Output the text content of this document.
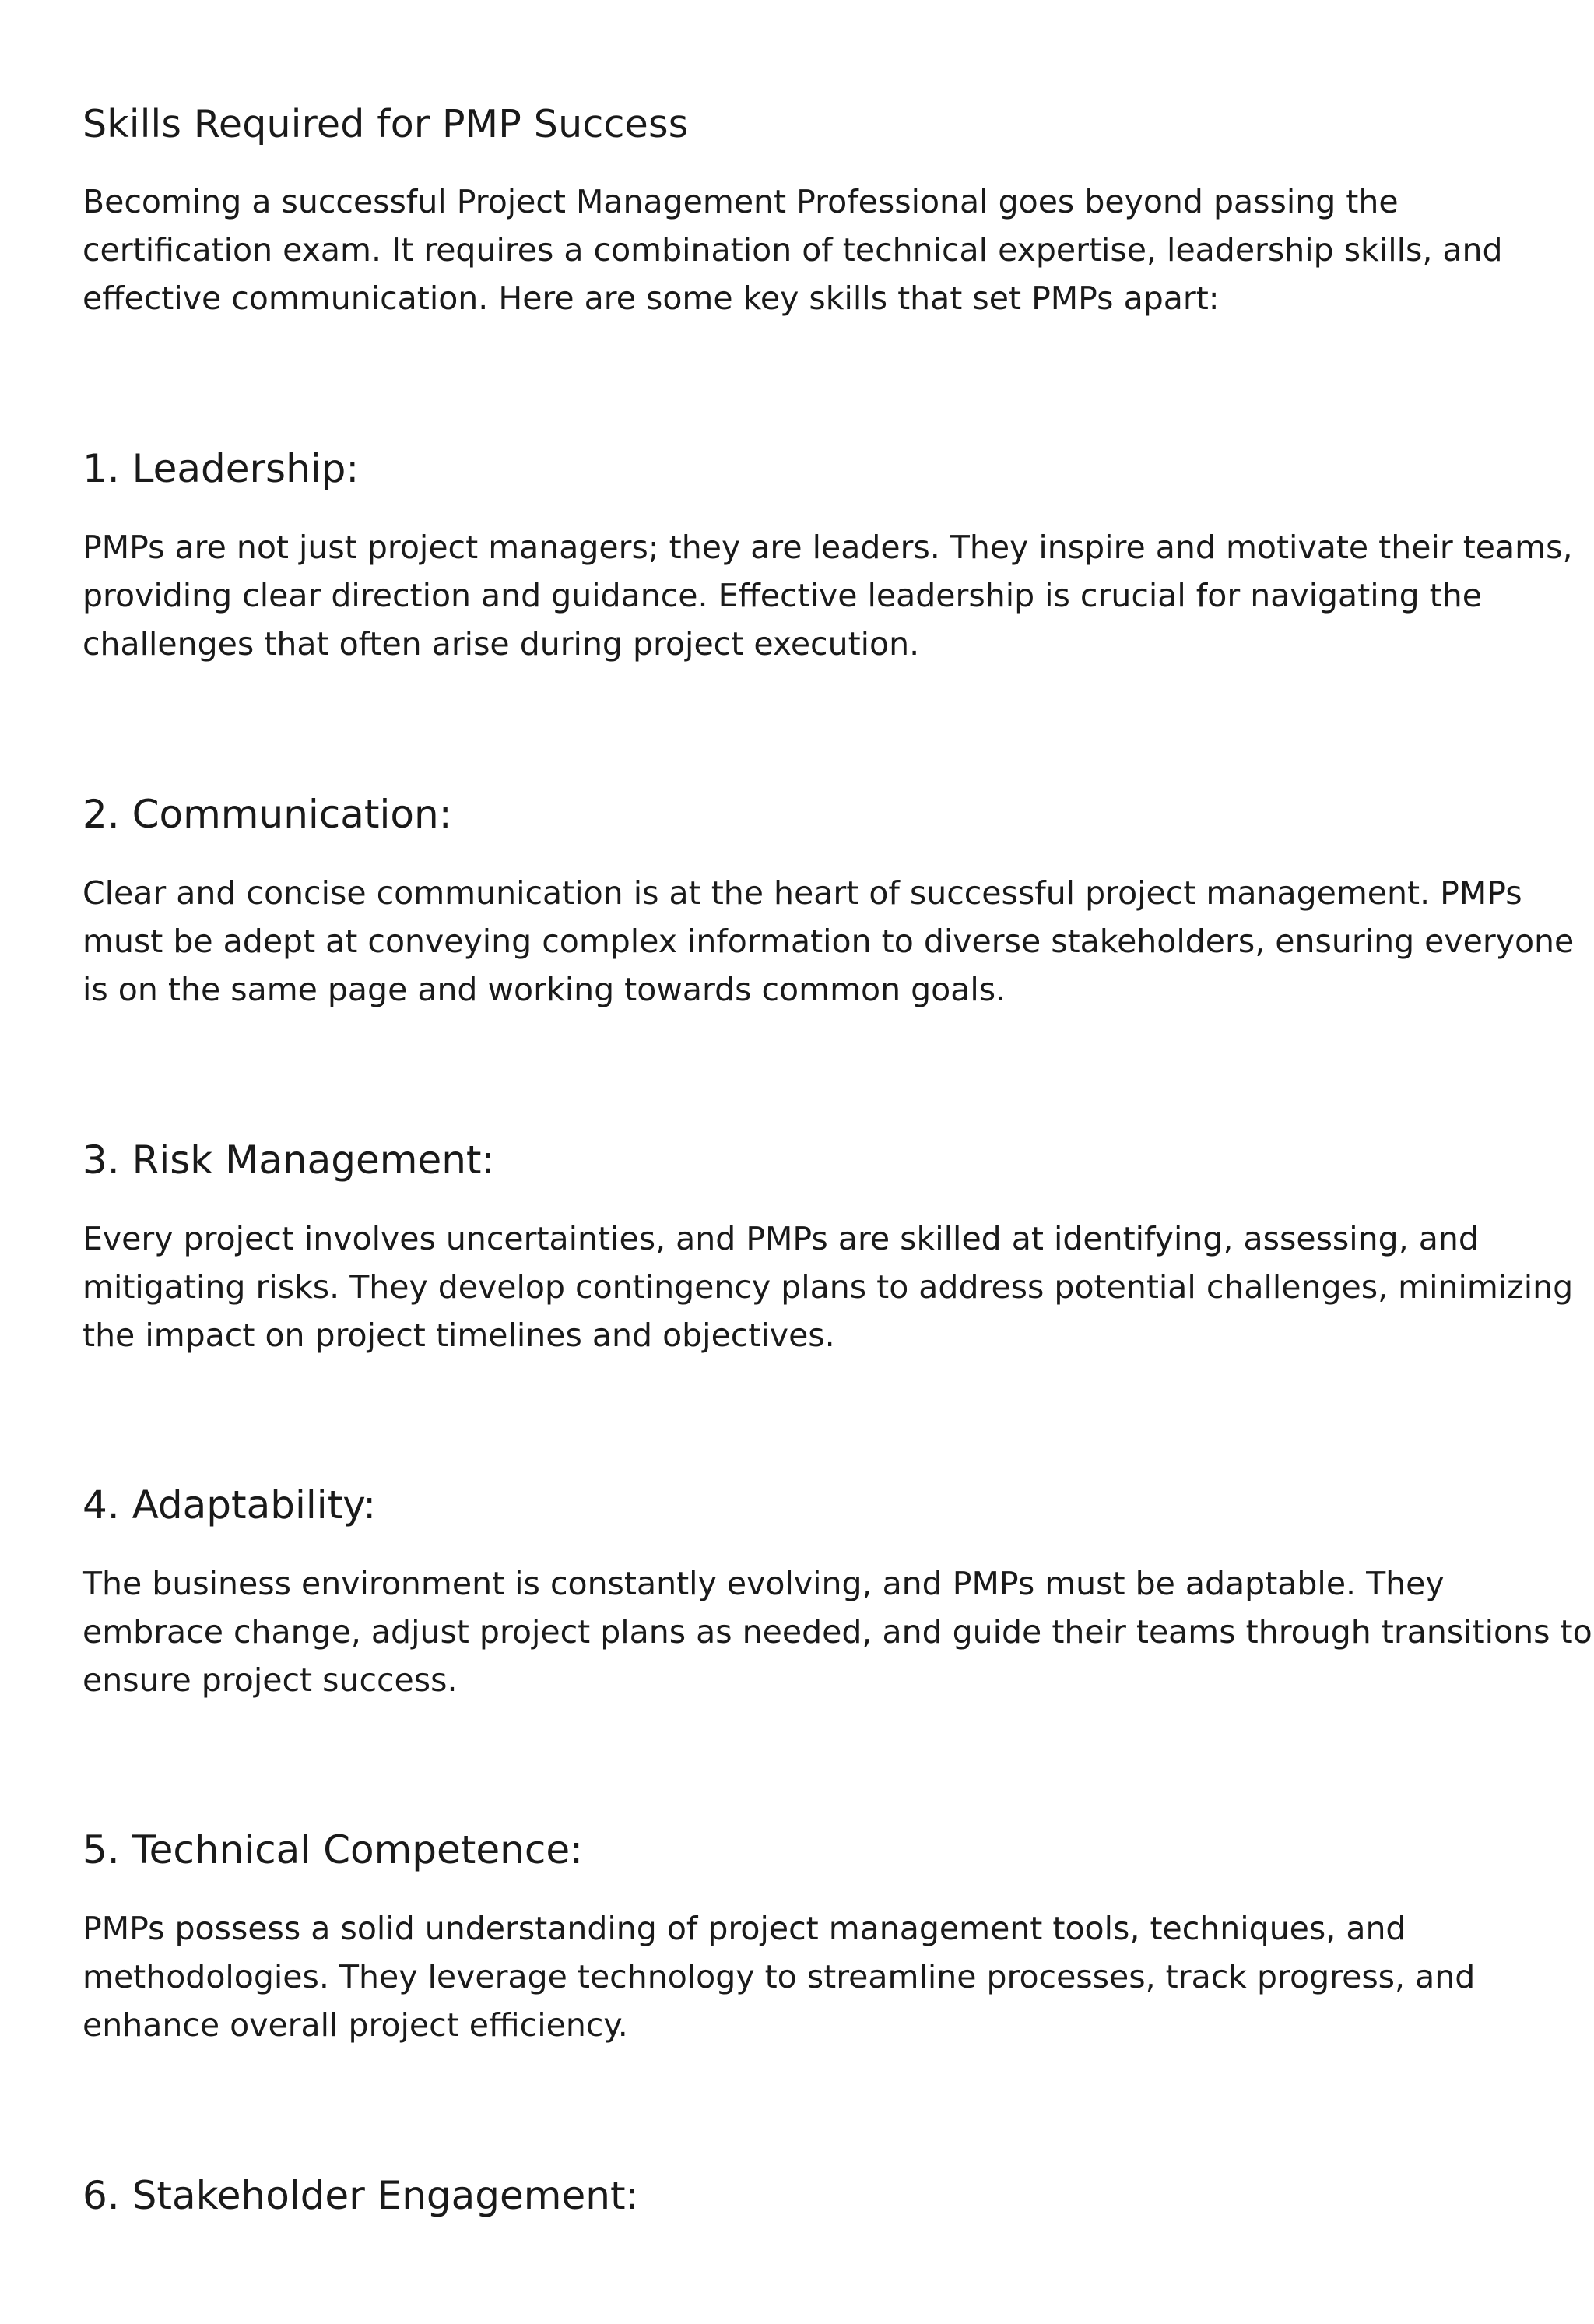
Skills Required for PMP Success

Becoming a successful Project Management Professional goes beyond passing the
certification exam. It requires a combination of technical expertise, leadership skills, and
effective communication. Here are some key skills that set PMPs apart:

1. Leadership:

PMPs are not just project managers; they are leaders. They inspire and motivate their teams,
providing clear direction and guidance. Effective leadership is crucial for navigating the
challenges that often arise during project execution.

2. Communication:

Clear and concise communication is at the heart of successful project management. PMPs
must be adept at conveying complex information to diverse stakeholders, ensuring everyone
is on the same page and working towards common goals.

3. Risk Management:

Every project involves uncertainties, and PMPs are skilled at identifying, assessing, and
mitigating risks. They develop contingency plans to address potential challenges, minimizing
the impact on project timelines and objectives.

4. Adaptability:

The business environment is constantly evolving, and PMPs must be adaptable. They
embrace change, adjust project plans as needed, and guide their teams through transitions to
ensure project success.

5. Technical Competence:

PMPs possess a solid understanding of project management tools, techniques, and
methodologies. They leverage technology to streamline processes, track progress, and
enhance overall project efficiency.

6. Stakeholder Engagement:
